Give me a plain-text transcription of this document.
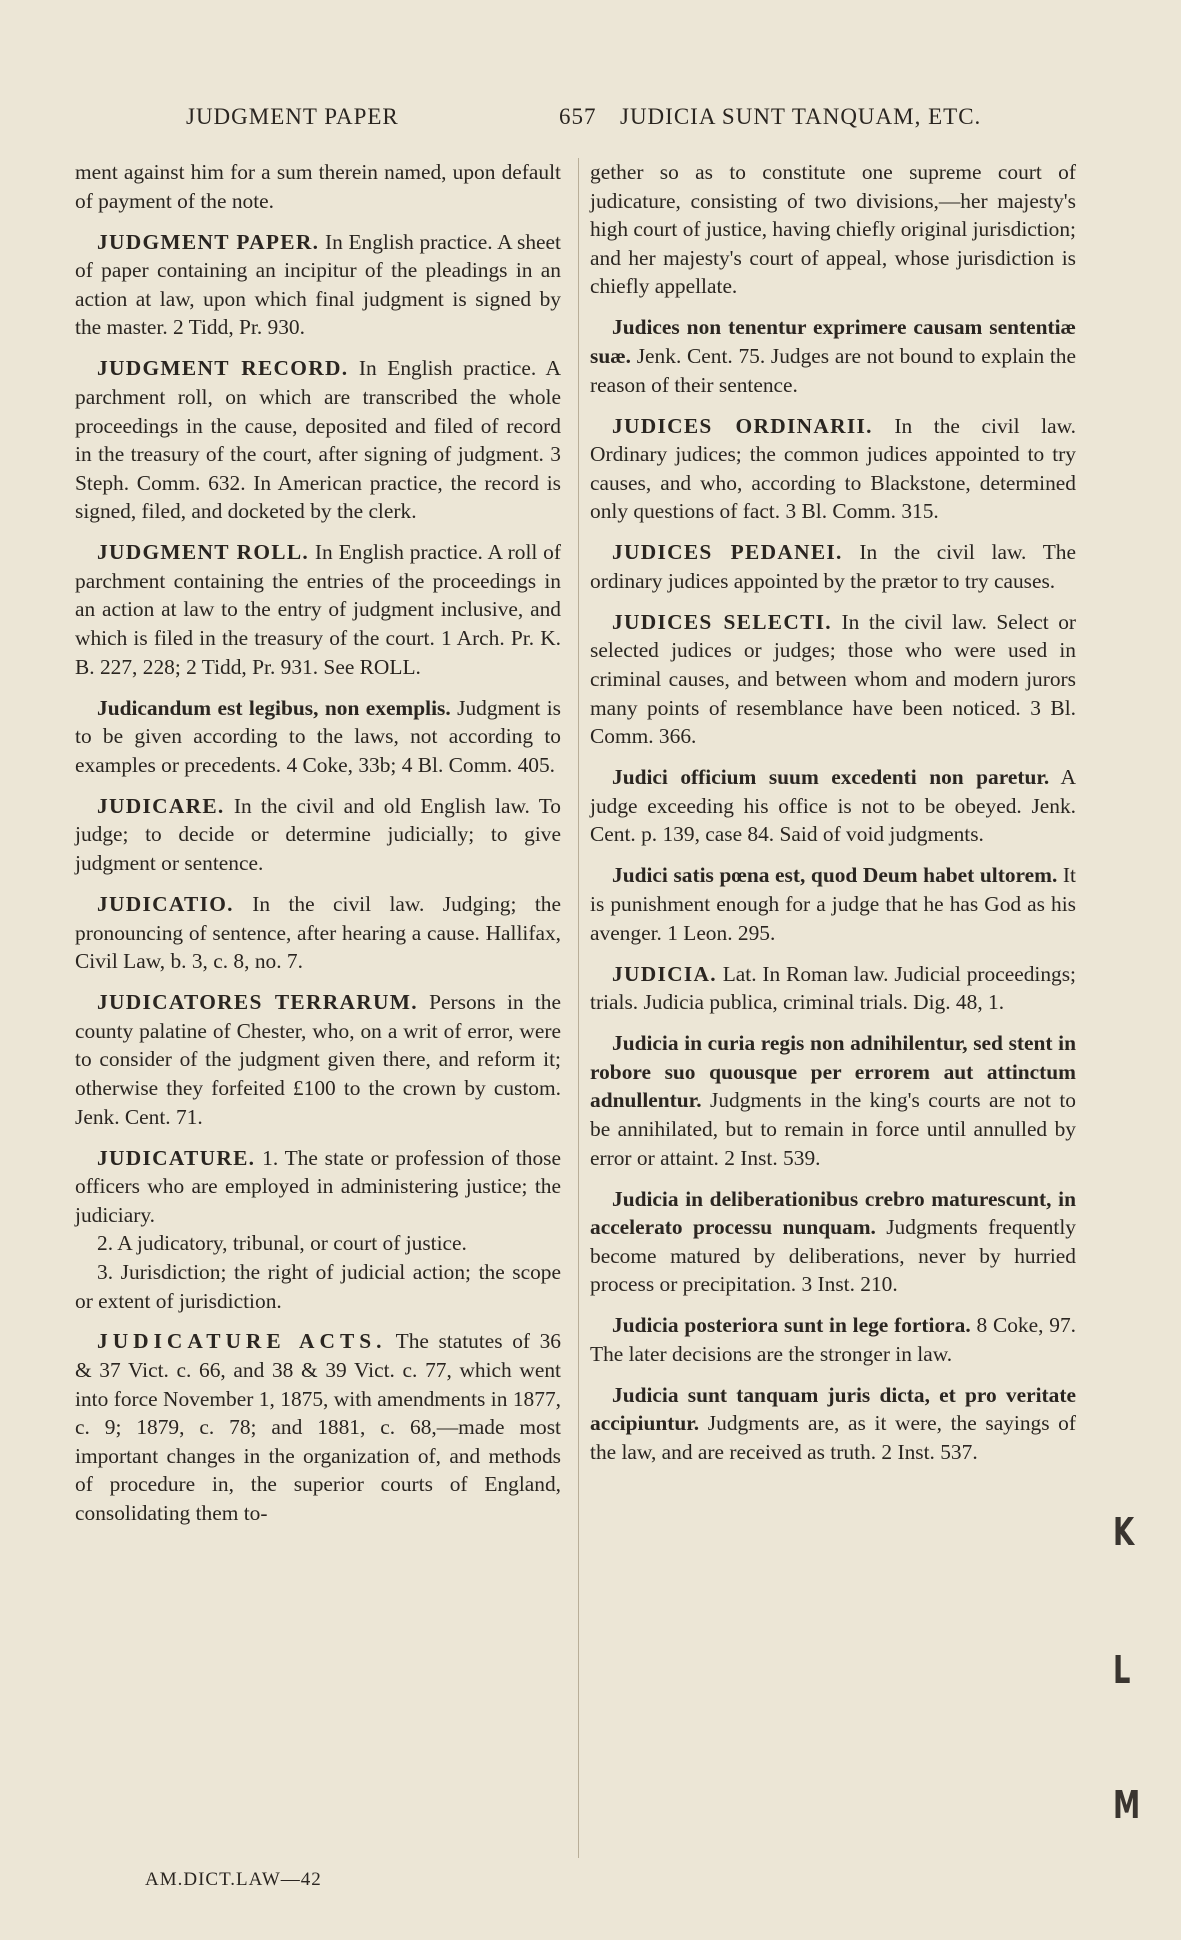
JUDGMENT PAPER	657 JUDICIA SUNT TANQUAM, ETC.

ment against him for a sum therein named, upon default of payment of the note.

JUDGMENT PAPER. In English practice. A sheet of paper containing an incipitur of the pleadings in an action at law, upon which final judgment is signed by the master. 2 Tidd, Pr. 930.

JUDGMENT RECORD. In English practice. A parchment roll, on which are transcribed the whole proceedings in the cause, deposited and filed of record in the treasury of the court, after signing of judgment. 3 Steph. Comm. 632. In American practice, the record is signed, filed, and docketed by the clerk.

JUDGMENT ROLL. In English practice. A roll of parchment containing the entries of the proceedings in an action at law to the entry of judgment inclusive, and which is filed in the treasury of the court. 1 Arch. Pr. K. B. 227, 228; 2 Tidd, Pr. 931. See ROLL.

Judicandum est legibus, non exemplis. Judgment is to be given according to the laws, not according to examples or precedents. 4 Coke, 33b; 4 Bl. Comm. 405.

JUDICARE. In the civil and old English law. To judge; to decide or determine judicially; to give judgment or sentence.

JUDICATIO. In the civil law. Judging; the pronouncing of sentence, after hearing a cause. Hallifax, Civil Law, b. 3, c. 8, no. 7.

JUDICATORES TERRARUM. Persons in the county palatine of Chester, who, on a writ of error, were to consider of the judgment given there, and reform it; otherwise they forfeited £100 to the crown by custom. Jenk. Cent. 71.

JUDICATURE. 1. The state or profession of those officers who are employed in administering justice; the judiciary.

2. A judicatory, tribunal, or court of justice.

3. Jurisdiction; the right of judicial action; the scope or extent of jurisdiction.

JUDICATURE ACTS. The statutes of 36 & 37 Vict. c. 66, and 38 & 39 Vict. c. 77, which went into force November 1, 1875, with amendments in 1877, c. 9; 1879, c. 78; and 1881, c. 68,—made most important changes in the organization of, and methods of procedure in, the superior courts of England, consolidating them to-

gether so as to constitute one supreme court of judicature, consisting of two divisions,—her majesty's high court of justice, having chiefly original jurisdiction; and her majesty's court of appeal, whose jurisdiction is chiefly appellate.

Judices non tenentur exprimere causam sententiæ suæ. Jenk. Cent. 75. Judges are not bound to explain the reason of their sentence.

JUDICES ORDINARII. In the civil law. Ordinary judices; the common judices appointed to try causes, and who, according to Blackstone, determined only questions of fact. 3 Bl. Comm. 315.

JUDICES PEDANEI. In the civil law. The ordinary judices appointed by the prætor to try causes.

JUDICES SELECTI. In the civil law. Select or selected judices or judges; those who were used in criminal causes, and between whom and modern jurors many points of resemblance have been noticed. 3 Bl. Comm. 366.

Judici officium suum excedenti non paretur. A judge exceeding his office is not to be obeyed. Jenk. Cent. p. 139, case 84. Said of void judgments.

Judici satis pœna est, quod Deum habet ultorem. It is punishment enough for a judge that he has God as his avenger. 1 Leon. 295.

JUDICIA. Lat. In Roman law. Judicial proceedings; trials. Judicia publica, criminal trials. Dig. 48, 1.

Judicia in curia regis non adnihilentur, sed stent in robore suo quousque per errorem aut attinctum adnullentur. Judgments in the king's courts are not to be annihilated, but to remain in force until annulled by error or attaint. 2 Inst. 539.

Judicia in deliberationibus crebro maturescunt, in accelerato processu nunquam. Judgments frequently become matured by deliberations, never by hurried process or precipitation. 3 Inst. 210.

Judicia posteriora sunt in lege fortiora. 8 Coke, 97. The later decisions are the stronger in law.

Judicia sunt tanquam juris dicta, et pro veritate accipiuntur. Judgments are, as it were, the sayings of the law, and are received as truth. 2 Inst. 537.

AM.DICT.LAW—42
K
L
M
